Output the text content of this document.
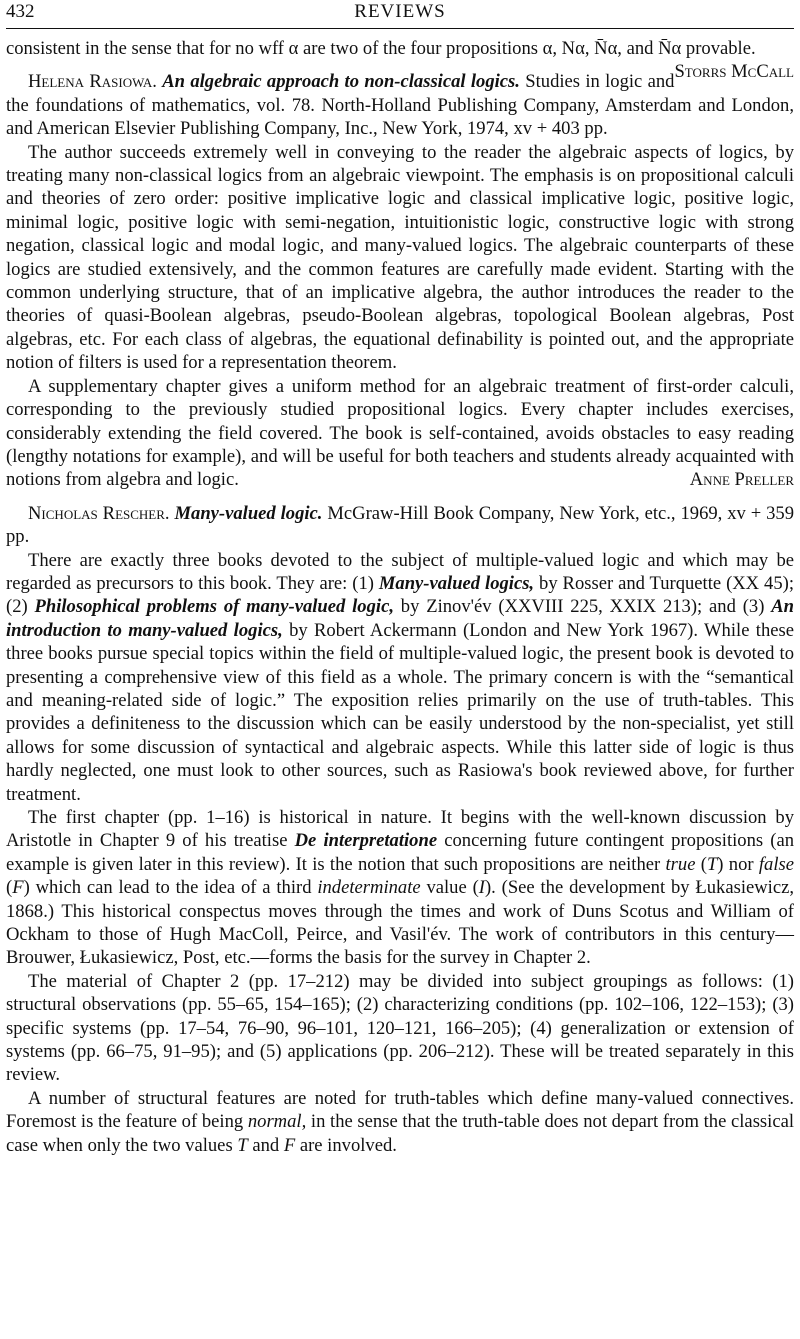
432	REVIEWS

consistent in the sense that for no wff α are two of the four propositions α, Nα, N̄α, and N̄α provable.
Storrs McCall

Helena Rasiowa. An algebraic approach to non-classical logics. Studies in logic and the foundations of mathematics, vol. 78. North-Holland Publishing Company, Amsterdam and London, and American Elsevier Publishing Company, Inc., New York, 1974, xv + 403 pp.

The author succeeds extremely well in conveying to the reader the algebraic aspects of logics, by treating many non-classical logics from an algebraic viewpoint. The emphasis is on propositional calculi and theories of zero order: positive implicative logic and classical implicative logic, positive logic, minimal logic, positive logic with semi-negation, intuitionistic logic, constructive logic with strong negation, classical logic and modal logic, and many-valued logics. The algebraic counterparts of these logics are studied extensively, and the common features are carefully made evident. Starting with the common underlying structure, that of an implicative algebra, the author introduces the reader to the theories of quasi-Boolean algebras, pseudo-Boolean algebras, topological Boolean algebras, Post algebras, etc. For each class of algebras, the equational definability is pointed out, and the appropriate notion of filters is used for a representation theorem.

A supplementary chapter gives a uniform method for an algebraic treatment of first-order calculi, corresponding to the previously studied propositional logics. Every chapter includes exercises, considerably extending the field covered. The book is self-contained, avoids obstacles to easy reading (lengthy notations for example), and will be useful for both teachers and students already acquainted with notions from algebra and logic.	Anne Preller

Nicholas Rescher. Many-valued logic. McGraw-Hill Book Company, New York, etc., 1969, xv + 359 pp.

There are exactly three books devoted to the subject of multiple-valued logic and which may be regarded as precursors to this book. They are: (1) Many-valued logics, by Rosser and Turquette (XX 45); (2) Philosophical problems of many-valued logic, by Zinov'év (XXVIII 225, XXIX 213); and (3) An introduction to many-valued logics, by Robert Ackermann (London and New York 1967). While these three books pursue special topics within the field of multiple-valued logic, the present book is devoted to presenting a comprehensive view of this field as a whole. The primary concern is with the “semantical and meaning-related side of logic.” The exposition relies primarily on the use of truth-tables. This provides a definiteness to the discussion which can be easily understood by the non-specialist, yet still allows for some discussion of syntactical and algebraic aspects. While this latter side of logic is thus hardly neglected, one must look to other sources, such as Rasiowa's book reviewed above, for further treatment.

The first chapter (pp. 1–16) is historical in nature. It begins with the well-known discussion by Aristotle in Chapter 9 of his treatise De interpretatione concerning future contingent propositions (an example is given later in this review). It is the notion that such propositions are neither true (T) nor false (F) which can lead to the idea of a third indeterminate value (I). (See the development by Łukasiewicz, 1868.) This historical conspectus moves through the times and work of Duns Scotus and William of Ockham to those of Hugh MacColl, Peirce, and Vasil'év. The work of contributors in this century—Brouwer, Łukasiewicz, Post, etc.—forms the basis for the survey in Chapter 2.

The material of Chapter 2 (pp. 17–212) may be divided into subject groupings as follows: (1) structural observations (pp. 55–65, 154–165); (2) characterizing conditions (pp. 102–106, 122–153); (3) specific systems (pp. 17–54, 76–90, 96–101, 120–121, 166–205); (4) generalization or extension of systems (pp. 66–75, 91–95); and (5) applications (pp. 206–212). These will be treated separately in this review.

A number of structural features are noted for truth-tables which define many-valued connectives. Foremost is the feature of being normal, in the sense that the truth-table does not depart from the classical case when only the two values T and F are involved.
